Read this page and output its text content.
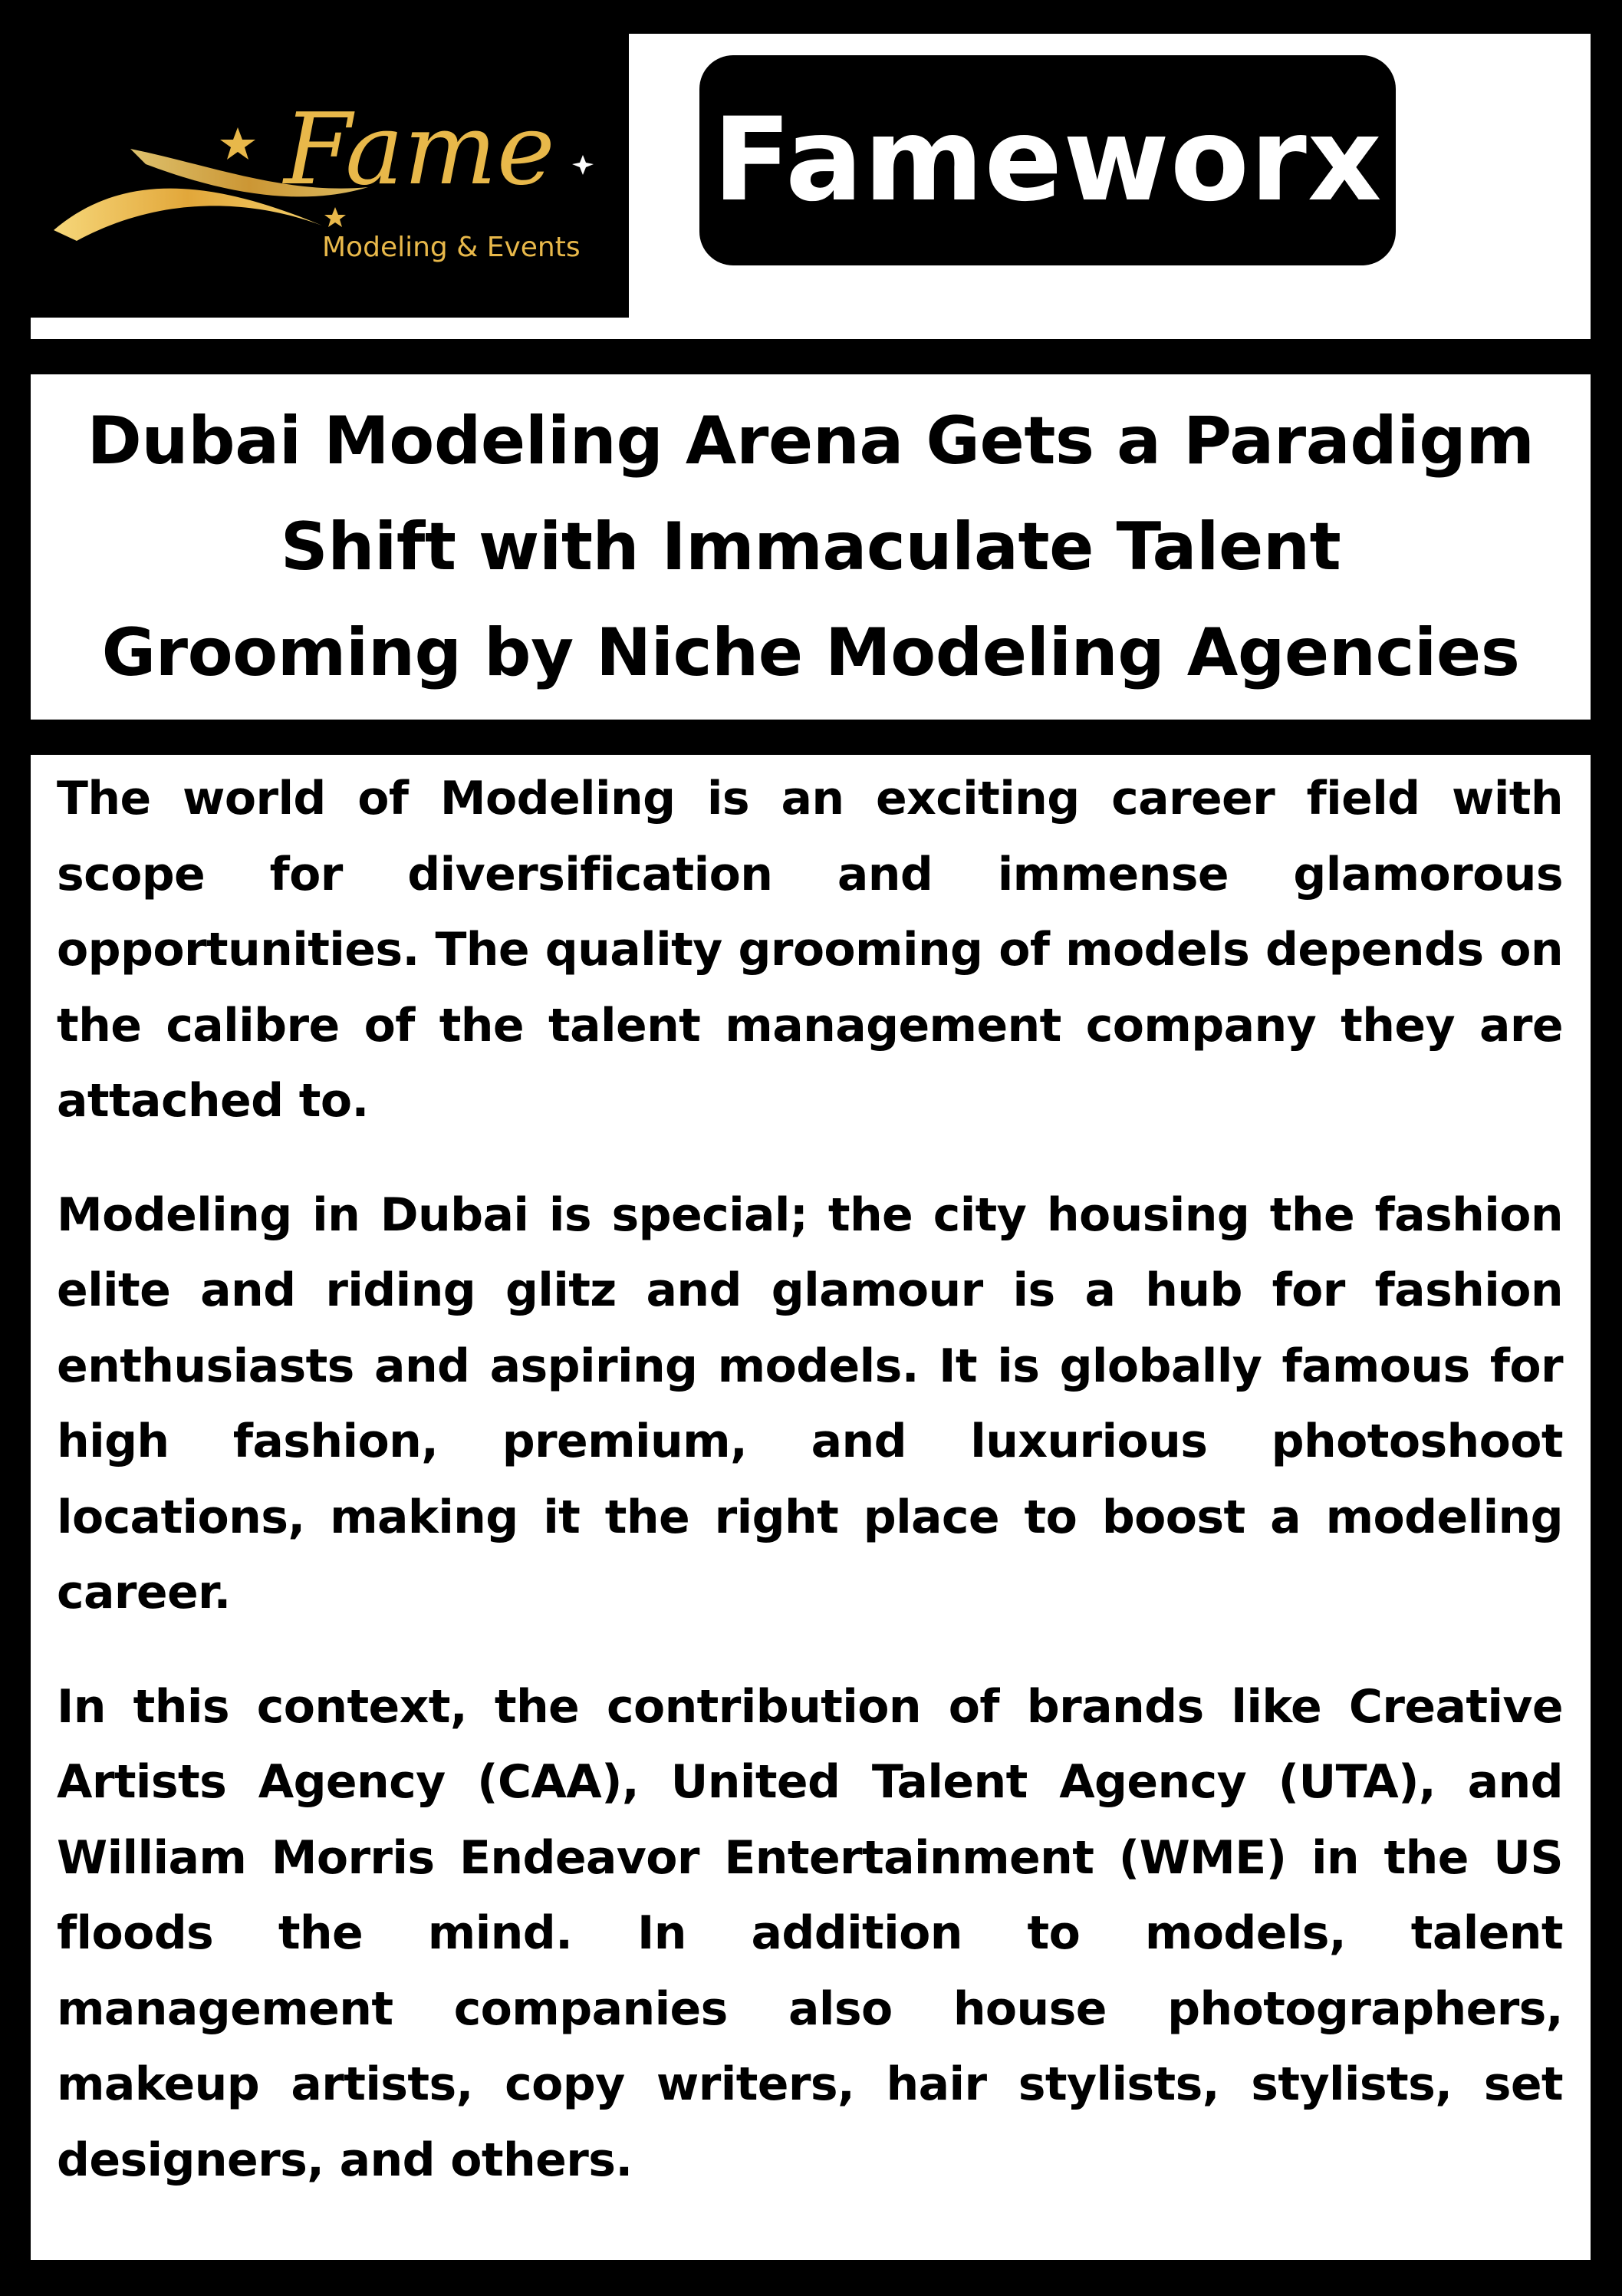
Fame
Modeling & Events
Fameworx
Dubai Modeling Arena Gets a Paradigm
Shift with Immaculate Talent
Grooming by Niche Modeling Agencies

The world of Modeling is an exciting career field with scope for diversification and immense glamorous opportunities. The quality grooming of models depends on the calibre of the talent management company they are attached to.

Modeling in Dubai is special; the city housing the fashion elite and riding glitz and glamour is a hub for fashion enthusiasts and aspiring models. It is globally famous for high fashion, premium, and luxurious photoshoot locations, making it the right place to boost a modeling career.

In this context, the contribution of brands like Creative Artists Agency (CAA), United Talent Agency (UTA), and William Morris Endeavor Entertainment (WME) in the US floods the mind. In addition to models, talent management companies also house photographers, makeup artists, copy writers, hair stylists, stylists, set designers, and others.
